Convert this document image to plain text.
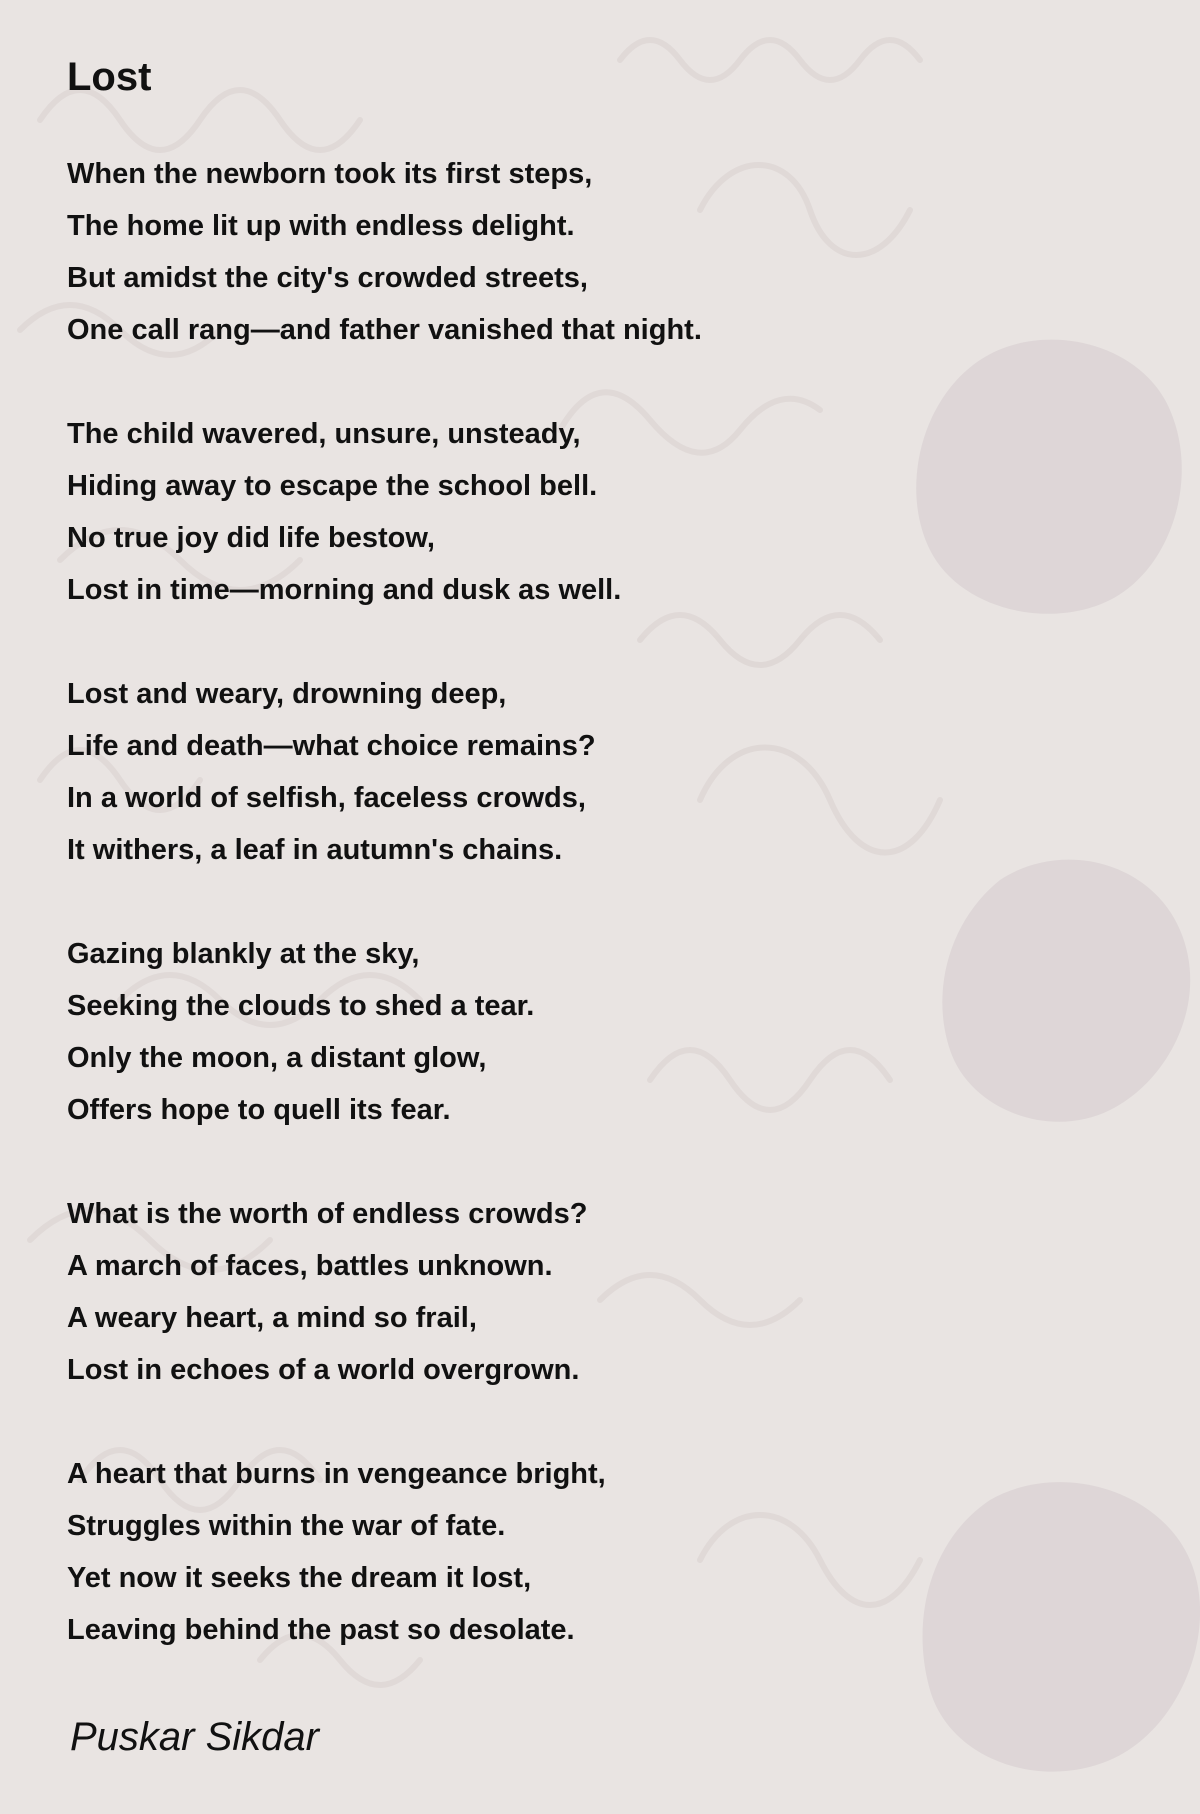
Lost
When the newborn took its first steps,
The home lit up with endless delight.
But amidst the city's crowded streets,
One call rang—and father vanished that night.
The child wavered, unsure, unsteady,
Hiding away to escape the school bell.
No true joy did life bestow,
Lost in time—morning and dusk as well.
Lost and weary, drowning deep,
Life and death—what choice remains?
In a world of selfish, faceless crowds,
It withers, a leaf in autumn's chains.
Gazing blankly at the sky,
Seeking the clouds to shed a tear.
Only the moon, a distant glow,
Offers hope to quell its fear.
What is the worth of endless crowds?
A march of faces, battles unknown.
A weary heart, a mind so frail,
Lost in echoes of a world overgrown.
A heart that burns in vengeance bright,
Struggles within the war of fate.
Yet now it seeks the dream it lost,
Leaving behind the past so desolate.
Puskar Sikdar
